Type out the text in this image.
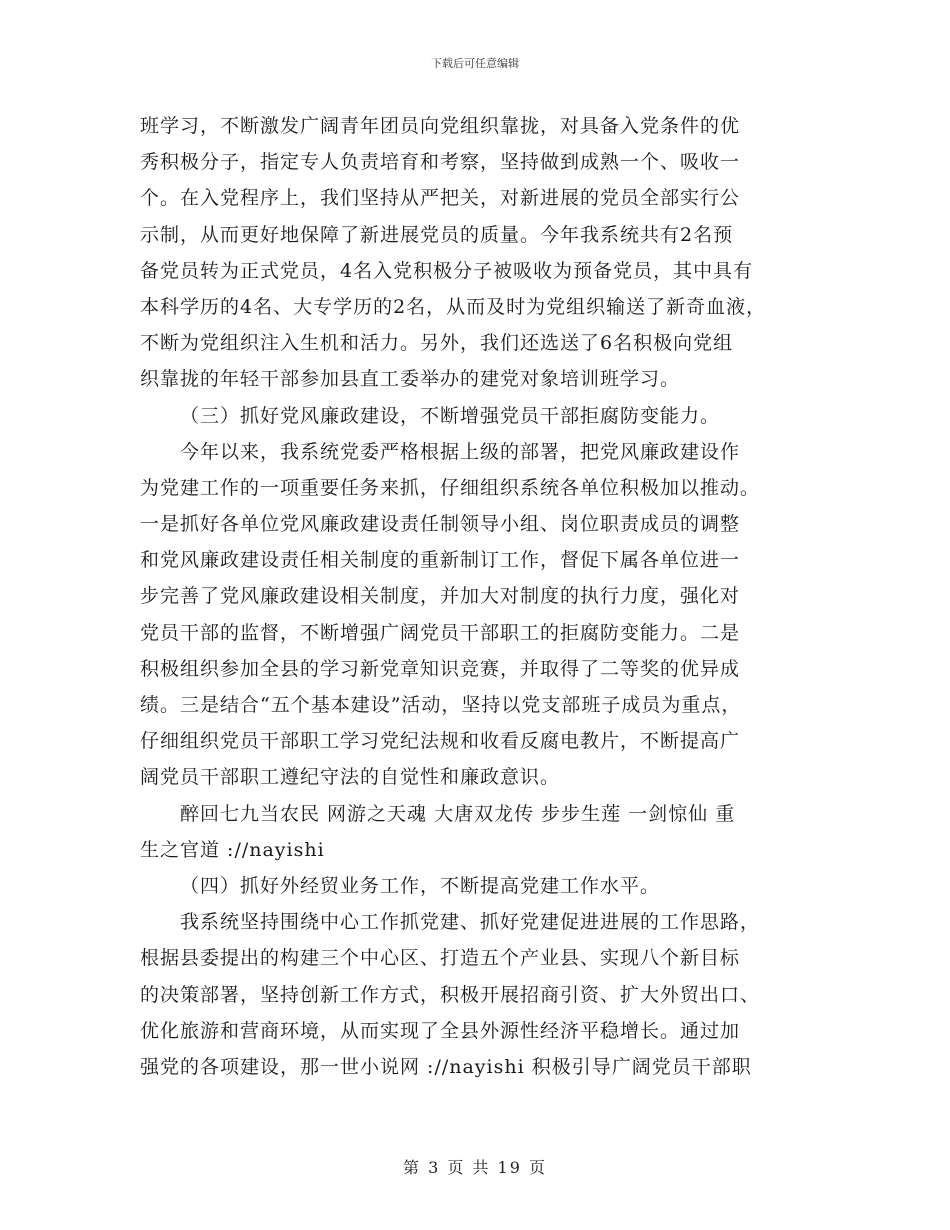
下载后可任意编辑
班学习，不断激发广阔青年团员向党组织靠拢，对具备入党条件的优
秀积极分子，指定专人负责培育和考察，坚持做到成熟一个、吸收一
个。在入党程序上，我们坚持从严把关，对新进展的党员全部实行公
示制，从而更好地保障了新进展党员的质量。今年我系统共有2名预
备党员转为正式党员，4名入党积极分子被吸收为预备党员，其中具有
本科学历的4名、大专学历的2名，从而及时为党组织输送了新奇血液，
不断为党组织注入生机和活力。另外，我们还选送了6名积极向党组
织靠拢的年轻干部参加县直工委举办的建党对象培训班学习。
（三）抓好党风廉政建设，不断增强党员干部拒腐防变能力。
今年以来，我系统党委严格根据上级的部署，把党风廉政建设作
为党建工作的一项重要任务来抓，仔细组织系统各单位积极加以推动。
一是抓好各单位党风廉政建设责任制领导小组、岗位职责成员的调整
和党风廉政建设责任相关制度的重新制订工作，督促下属各单位进一
步完善了党风廉政建设相关制度，并加大对制度的执行力度，强化对
党员干部的监督，不断增强广阔党员干部职工的拒腐防变能力。二是
积极组织参加全县的学习新党章知识竞赛，并取得了二等奖的优异成
绩。三是结合“五个基本建设”活动，坚持以党支部班子成员为重点，
仔细组织党员干部职工学习党纪法规和收看反腐电教片，不断提高广
阔党员干部职工遵纪守法的自觉性和廉政意识。
醉回七九当农民 网游之天魂 大唐双龙传 步步生莲 一剑惊仙 重
生之官道 ://nayishi
（四）抓好外经贸业务工作，不断提高党建工作水平。
我系统坚持围绕中心工作抓党建、抓好党建促进进展的工作思路，
根据县委提出的构建三个中心区、打造五个产业县、实现八个新目标
的决策部署，坚持创新工作方式，积极开展招商引资、扩大外贸出口、
优化旅游和营商环境，从而实现了全县外源性经济平稳增长。通过加
强党的各项建设，那一世小说网 ://nayishi 积极引导广阔党员干部职
第 3 页 共 19 页
